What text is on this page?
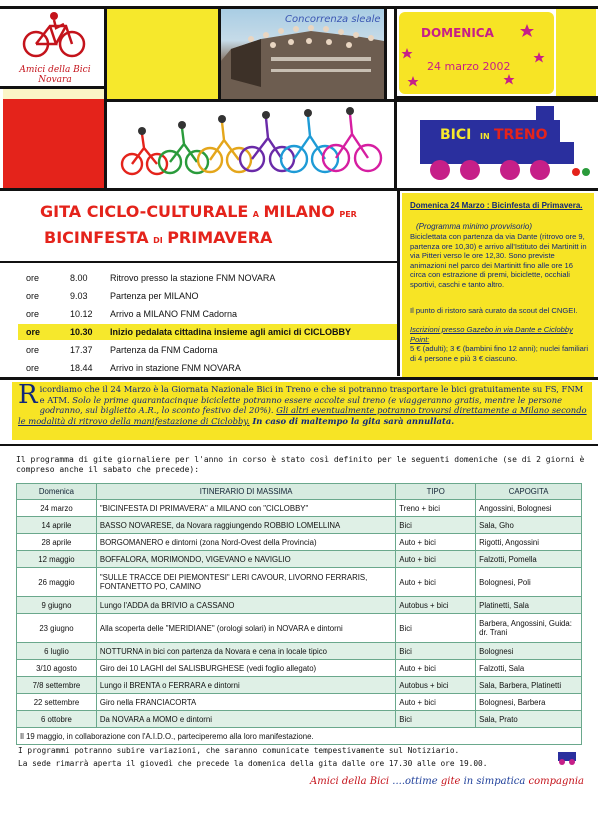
Amici della Bici
Novara
Concorrenza sleale
DOMENICA
24 marzo 2002
BICI IN TRENO
GITA CICLO-CULTURALE A MILANO PER
BICINFESTA DI PRIMAVERA
ore	8.00 Ritrovo presso la stazione FNM NOVARA
ore	9.03 Partenza per MILANO
ore	10.12 Arrivo a MILANO FNM Cadorna
ore	10.30 Inizio pedalata cittadina insieme agli amici di CICLOBBY
ore	17.37 Partenza da FNM Cadorna
ore	18.44 Arrivo in stazione FNM NOVARA
Domenica 24 Marzo : Bicinfesta di Primavera.
(Programma minimo provvisorio)
Biciclettata con partenza da via Dante (ritrovo ore 9, partenza ore 10,30) e arrivo all'Istituto dei Martinitt in via Pitteri verso le ore 12,30. Sono previste animazioni nel parco dei Martinitt fino alle ore 16 circa con estrazione di premi, biciclette, occhiali sportivi, caschi e tanto altro.
Il punto di ristoro sarà curato da scout del CNGEI.
Iscrizioni presso Gazebo in via Dante e Ciclobby Point:
5 € (adulti); 3 € (bambini fino 12 anni); nuclei familiari di 4 persone e più 3 € ciascuno.
R icordiamo che il 24 Marzo è la Giornata Nazionale Bici in Treno e che si potranno trasportare le bici gratuitamente su FS, FNM e ATM. Solo le prime quarantacinque biciclette potranno essere accolte sul treno (e viaggeranno gratis, mentre le persone godranno, sul biglietto A.R., lo sconto festivo del 20%). Gli altri eventualmente potranno trovarsi direttamente a Milano secondo le modalità di ritrovo della manifestazione di Ciclobby. In caso di maltempo la gita sarà annullata.
Il programma di gite giornaliere per l'anno in corso è stato così definito per le seguenti domeniche (se di 2 giorni è compreso anche il sabato che precede):
Domenica	ITINERARIO DI MASSIMA	TIPO	CAPOGITA
24 marzo	"BICINFESTA DI PRIMAVERA" a MILANO con "CICLOBBY"	Treno + bici	Angossini, Bolognesi
14 aprile	BASSO NOVARESE, da Novara raggiungendo ROBBIO LOMELLINA	Bici	Sala, Gho
28 aprile	BORGOMANERO e dintorni (zona Nord-Ovest della Provincia)	Auto + bici	Rigotti, Angossini
12 maggio	BOFFALORA, MORIMONDO, VIGEVANO e NAVIGLIO	Auto + bici	Falzotti, Pomella
26 maggio	"SULLE TRACCE DEI PIEMONTESI" LERI CAVOUR, LIVORNO FERRARIS, FONTANETTO PO, CAMINO	Auto + bici	Bolognesi, Poli
9 giugno	Lungo l'ADDA da BRIVIO a CASSANO	Autobus + bici	Platinetti, Sala
23 giugno	Alla scoperta delle "MERIDIANE" (orologi solari) in NOVARA e dintorni	Bici	Barbera, Angossini, Guida: dr. Trani
6 luglio	NOTTURNA in bici con partenza da Novara e cena in locale tipico	Bici	Bolognesi
3/10 agosto	Giro dei 10 LAGHI del SALISBURGHESE (vedi foglio allegato)	Auto + bici	Falzotti, Sala
7/8 settembre	Lungo il BRENTA o FERRARA e dintorni	Autobus + bici	Sala, Barbera, Platinetti
22 settembre	Giro nella FRANCIACORTA	Auto + bici	Bolognesi, Barbera
6 ottobre	Da NOVARA a MOMO e dintorni	Bici	Sala, Prato
Il 19 maggio, in collaborazione con l'A.I.D.O., parteciperemo alla loro manifestazione.			
I programmi potranno subire variazioni, che saranno comunicate tempestivamente sul Notiziario.
La sede rimarrà aperta il giovedì che precede la domenica della gita dalle ore 17.30 alle ore 19.00.
Amici della Bici ....ottime gite in simpatica compagnia
